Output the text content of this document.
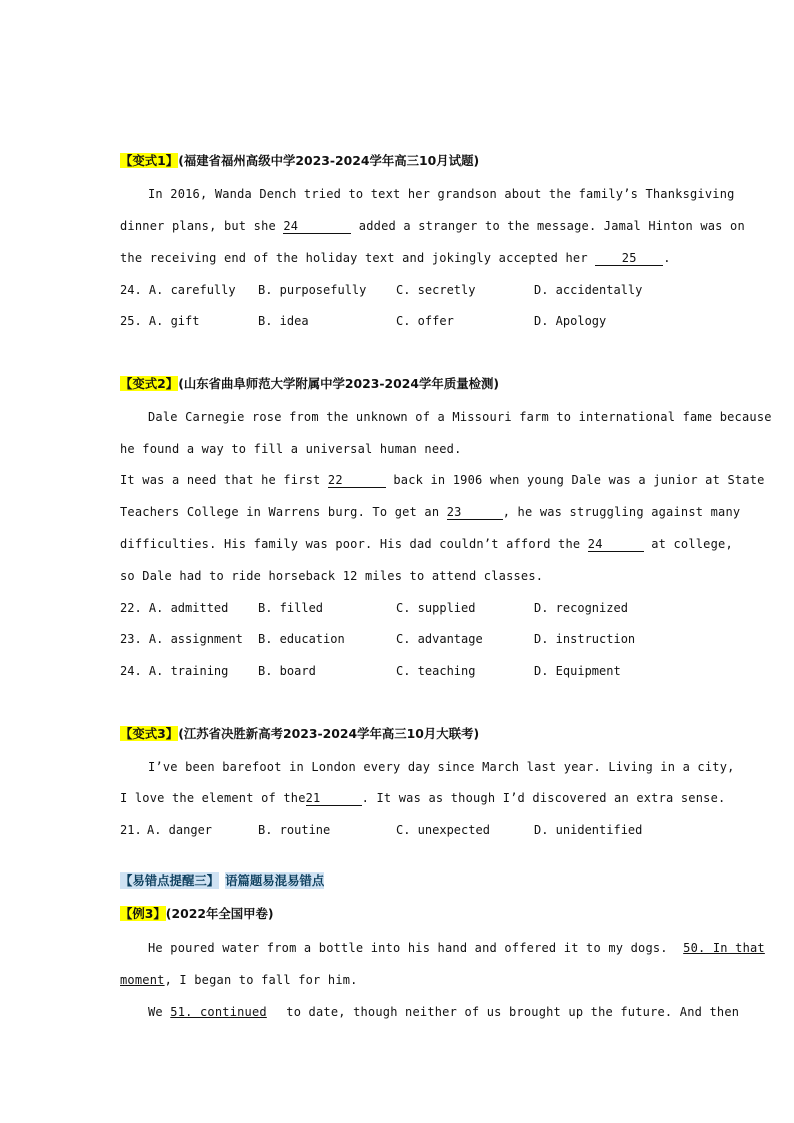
【变式1】(福建省福州高级中学2023-2024学年高三10月试题)
In 2016, Wanda Dench tried to text her grandson about the family’s Thanksgiving
dinner plans, but she 24	added a stranger to the message. Jamal Hinton was on
the receiving end of the holiday text and jokingly accepted her	25 .
24. A. carefully B. purposefully C. secretly	D. accidentally
25. A. gift	B. idea	C. offer	D. Apology
【变式2】(山东省曲阜师范大学附属中学2023-2024学年质量检测)
Dale Carnegie rose from the unknown of a Missouri farm to international fame because
he found a way to fill a universal human need.
It was a need that he first 22	back in 1906 when young Dale was a junior at State
Teachers College in Warrens burg. To get an 23	, he was struggling against many
difficulties. His family was poor. His dad couldn’t afford the 24	at college,
so Dale had to ride horseback 12 miles to attend classes.
22. A. admitted B. filled	C. supplied	D. recognized
23. A. assignment B. education	C. advantage	D. instruction
24. A. training B. board	C. teaching	D. Equipment
【变式3】(江苏省决胜新高考2023-2024学年高三10月大联考)
I’ve been barefoot in London every day since March last year. Living in a city,
I love the element of the21	. It was as though I’d discovered an extra sense.
21. A. danger	B. routine	C. unexpected	D. unidentified
【易错点提醒三】 语篇题易混易错点
【例3】(2022年全国甲卷)
He poured water from a bottle into his hand and offered it to my dogs. 50. In that
moment, I began to fall for him.
We 51. continued to date, though neither of us brought up the future. And then
